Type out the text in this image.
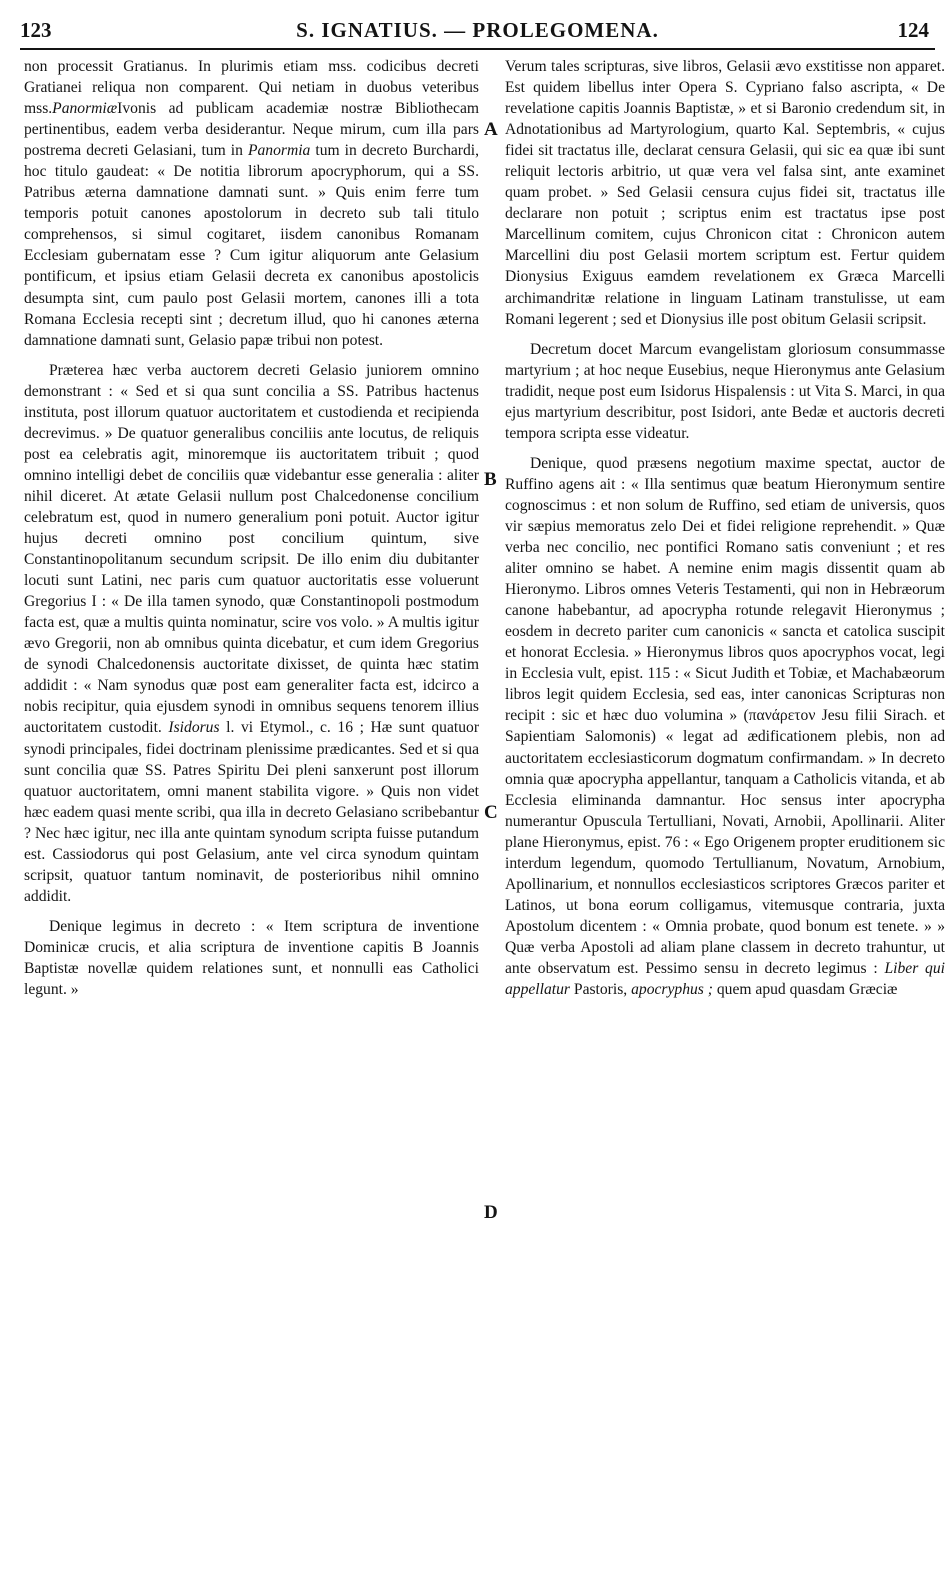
123	S. IGNATIUS. — PROLEGOMENA.	124

non processit Gratianus. In plurimis etiam mss. codicibus decreti Gratianei reliqua non comparent. Qui netiam in duobus veteribus mss.PanormiæIvonis ad publicam academiæ nostræ Bibliothecam pertinentibus, eadem verba desiderantur. Neque mirum, cum illa pars postrema decreti Gelasiani, tum in Panormia tum in decreto Burchardi, hoc titulo gaudeat: « De notitia librorum apocryphorum, qui a SS. Patribus æterna damnatione damnati sunt. » Quis enim ferre tum temporis potuit canones apostolorum in decreto sub tali titulo comprehensos, si simul cogitaret, iisdem canonibus Romanam Ecclesiam gubernatam esse ? Cum igitur aliquorum ante Gelasium pontificum, et ipsius etiam Gelasii decreta ex canonibus apostolicis desumpta sint, cum paulo post Gelasii mortem, canones illi a tota Romana Ecclesia recepti sint ; decretum illud, quo hi canones æterna damnatione damnati sunt, Gelasio papæ tribui non potest.

Præterea hæc verba auctorem decreti Gelasio juniorem omnino demonstrant : « Sed et si qua sunt concilia a SS. Patribus hactenus instituta, post illorum quatuor auctoritatem et custodienda et recipienda decrevimus. » De quatuor generalibus conciliis ante locutus, de reliquis post ea celebratis agit, minoremque iis auctoritatem tribuit ; quod omnino intelligi debet de conciliis quæ videbantur esse generalia : aliter nihil diceret. At ætate Gelasii nullum post Chalcedonense concilium celebratum est, quod in numero generalium poni potuit. Auctor igitur hujus decreti omnino post concilium quintum, sive Constantinopolitanum secundum scripsit. De illo enim diu dubitanter locuti sunt Latini, nec paris cum quatuor auctoritatis esse voluerunt Gregorius I : « De illa tamen synodo, quæ Constantinopoli postmodum facta est, quæ a multis quinta nominatur, scire vos volo. » A multis igitur ævo Gregorii, non ab omnibus quinta dicebatur, et cum idem Gregorius de synodi Chalcedonensis auctoritate dixisset, de quinta hæc statim addidit : « Nam synodus quæ post eam generaliter facta est, idcirco a nobis recipitur, quia ejusdem synodi in omnibus sequens tenorem illius auctoritatem custodit. Isidorus l. vi Etymol., c. 16 ; Hæ sunt quatuor synodi principales, fidei doctrinam plenissime prædicantes. Sed et si qua sunt concilia quæ SS. Patres Spiritu Dei pleni sanxerunt post illorum quatuor auctoritatem, omni manent stabilita vigore. » Quis non videt hæc eadem quasi mente scribi, qua illa in decreto Gelasiano scribebantur ? Nec hæc igitur, nec illa ante quintam synodum scripta fuisse putandum est. Cassiodorus qui post Gelasium, ante vel circa synodum quintam scripsit, quatuor tantum nominavit, de posterioribus nihil omnino addidit.

Denique legimus in decreto : « Item scriptura de inventione Dominicæ crucis, et alia scriptura de inventione capitis B Joannis Baptistæ novellæ quidem relationes sunt, et nonnulli eas Catholici legunt. »

Verum tales scripturas, sive libros, Gelasii ævo exstitisse non apparet. Est quidem libellus inter Opera S. Cypriano falso ascripta, « De revelatione capitis Joannis Baptistæ, » et si Baronio credendum sit, in Adnotationibus ad Martyrologium, quarto Kal. Septembris, « cujus fidei sit tractatus ille, declarat censura Gelasii, qui sic ea quæ ibi sunt reliquit lectoris arbitrio, ut quæ vera vel falsa sint, ante examinet quam probet. » Sed Gelasii censura cujus fidei sit, tractatus ille declarare non potuit ; scriptus enim est tractatus ipse post Marcellinum comitem, cujus Chronicon citat : Chronicon autem Marcellini diu post Gelasii mortem scriptum est. Fertur quidem Dionysius Exiguus eamdem revelationem ex Græca Marcelli archimandritæ relatione in linguam Latinam transtulisse, ut eam Romani legerent ; sed et Dionysius ille post obitum Gelasii scripsit.

Decretum docet Marcum evangelistam gloriosum consummasse martyrium ; at hoc neque Eusebius, neque Hieronymus ante Gelasium tradidit, neque post eum Isidorus Hispalensis : ut Vita S. Marci, in qua ejus martyrium describitur, post Isidori, ante Bedæ et auctoris decreti tempora scripta esse videatur.

Denique, quod præsens negotium maxime spectat, auctor de Ruffino agens ait : « Illa sentimus quæ beatum Hieronymum sentire cognoscimus : et non solum de Ruffino, sed etiam de universis, quos vir sæpius memoratus zelo Dei et fidei religione reprehendit. » Quæ verba nec concilio, nec pontifici Romano satis conveniunt ; et res aliter omnino se habet. A nemine enim magis dissentit quam ab Hieronymo. Libros omnes Veteris Testamenti, qui non in Hebræorum canone habebantur, ad apocrypha rotunde relegavit Hieronymus ; eosdem in decreto pariter cum canonicis « sancta et catolica suscipit et honorat Ecclesia. » Hieronymus libros quos apocryphos vocat, legi in Ecclesia vult, epist. 115 : « Sicut Judith et Tobiæ, et Machabæorum libros legit quidem Ecclesia, sed eas, inter canonicas Scripturas non recipit : sic et hæc duo volumina » (πανάρετον Jesu filii Sirach. et Sapientiam Salomonis) « legat ad ædificationem plebis, non ad auctoritatem ecclesiasticorum dogmatum confirmandam. » In decreto omnia quæ apocrypha appellantur, tanquam a Catholicis vitanda, et ab Ecclesia eliminanda damnantur. Hoc sensus inter apocrypha numerantur Opuscula Tertulliani, Novati, Arnobii, Apollinarii. Aliter plane Hieronymus, epist. 76 : « Ego Origenem propter eruditionem sic interdum legendum, quomodo Tertullianum, Novatum, Arnobium, Apollinarium, et nonnullos ecclesiasticos scriptores Græcos pariter et Latinos, ut bona eorum colligamus, vitemusque contraria, juxta Apostolum dicentem : « Omnia probate, quod bonum est tenete. » » Quæ verba Apostoli ad aliam plane classem in decreto trahuntur, ut ante observatum est. Pessimo sensu in decreto legimus : Liber qui appellatur Pastoris, apocryphus ; quem apud quasdam Græciæ

A
B
C
D
